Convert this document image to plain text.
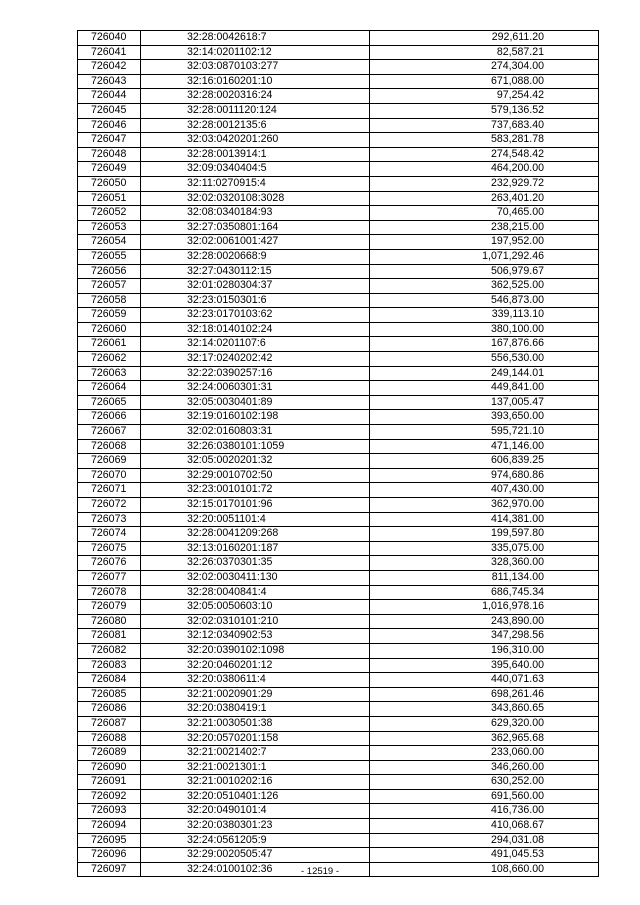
726040	32:28:0042618:7	292,611.20
726041	32:14:0201102:12	82,587.21
726042	32:03:0870103:277	274,304.00
726043	32:16:0160201:10	671,088.00
726044	32:28:0020316:24	97,254.42
726045	32:28:0011120:124	579,136.52
726046	32:28:0012135:6	737,683.40
726047	32:03:0420201:260	583,281.78
726048	32:28:0013914:1	274,548.42
726049	32:09:0340404:5	464,200.00
726050	32:11:0270915:4	232,929.72
726051	32:02:0320108:3028	263,401.20
726052	32:08:0340184:93	70,465.00
726053	32:27:0350801:164	238,215.00
726054	32:02:0061001:427	197,952.00
726055	32:28:0020668:9	1,071,292.46
726056	32:27:0430112:15	506,979.67
726057	32:01:0280304:37	362,525.00
726058	32:23:0150301:6	546,873.00
726059	32:23:0170103:62	339,113.10
726060	32:18:0140102:24	380,100.00
726061	32:14:0201107:6	167,876.66
726062	32:17:0240202:42	556,530.00
726063	32:22:0390257:16	249,144.01
726064	32:24:0060301:31	449,841.00
726065	32:05:0030401:89	137,005.47
726066	32:19:0160102:198	393,650.00
726067	32:02:0160803:31	595,721.10
726068	32:26:0380101:1059	471,146.00
726069	32:05:0020201:32	606,839.25
726070	32:29:0010702:50	974,680.86
726071	32:23:0010101:72	407,430.00
726072	32:15:0170101:96	362,970.00
726073	32:20:0051101:4	414,381.00
726074	32:28:0041209:268	199,597.80
726075	32:13:0160201:187	335,075.00
726076	32:26:0370301:35	328,360.00
726077	32:02:0030411:130	811,134.00
726078	32:28:0040841:4	686,745.34
726079	32:05:0050603:10	1,016,978.16
726080	32:02:0310101:210	243,890.00
726081	32:12:0340902:53	347,298.56
726082	32:20:0390102:1098	196,310.00
726083	32:20:0460201:12	395,640.00
726084	32:20:0380611:4	440,071.63
726085	32:21:0020901:29	698,261.46
726086	32:20:0380419:1	343,860.65
726087	32:21:0030501:38	629,320.00
726088	32:20:0570201:158	362,965.68
726089	32:21:0021402:7	233,060.00
726090	32:21:0021301:1	346,260.00
726091	32:21:0010202:16	630,252.00
726092	32:20:0510401:126	691,560.00
726093	32:20:0490101:4	416,736.00
726094	32:20:0380301:23	410,068.67
726095	32:24:0561205:9	294,031.08
726096	32:29:0020505:47	491,045.53
726097	32:24:0100102:36	108,660.00
- 12519 -
